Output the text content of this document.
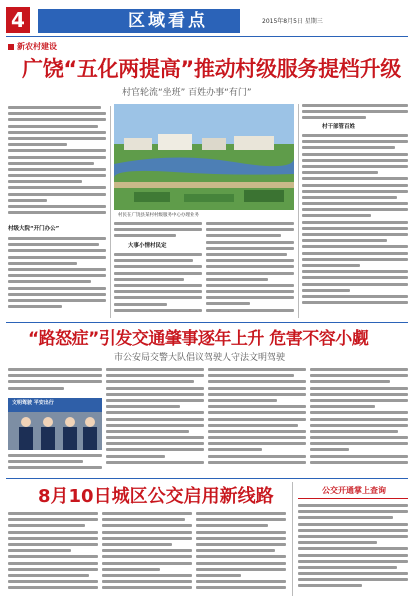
4	区域看点	2015年8月5日 星期三
新农村建设
广饶“五化两提高”推动村级服务提档升级
村官轮流“坐班” 百姓办事“有门”
村级大院“开门办公”
村民在广饶县某村村级服务中心办理业务
大事小情村民定
村干部管百姓
“路怒症”引发交通肇事逐年上升 危害不容小觑
市公安局交警大队倡议驾驶人守法文明驾驶
文明驾驶 平安出行
8月10日城区公交启用新线路	公交开通掌上查询
